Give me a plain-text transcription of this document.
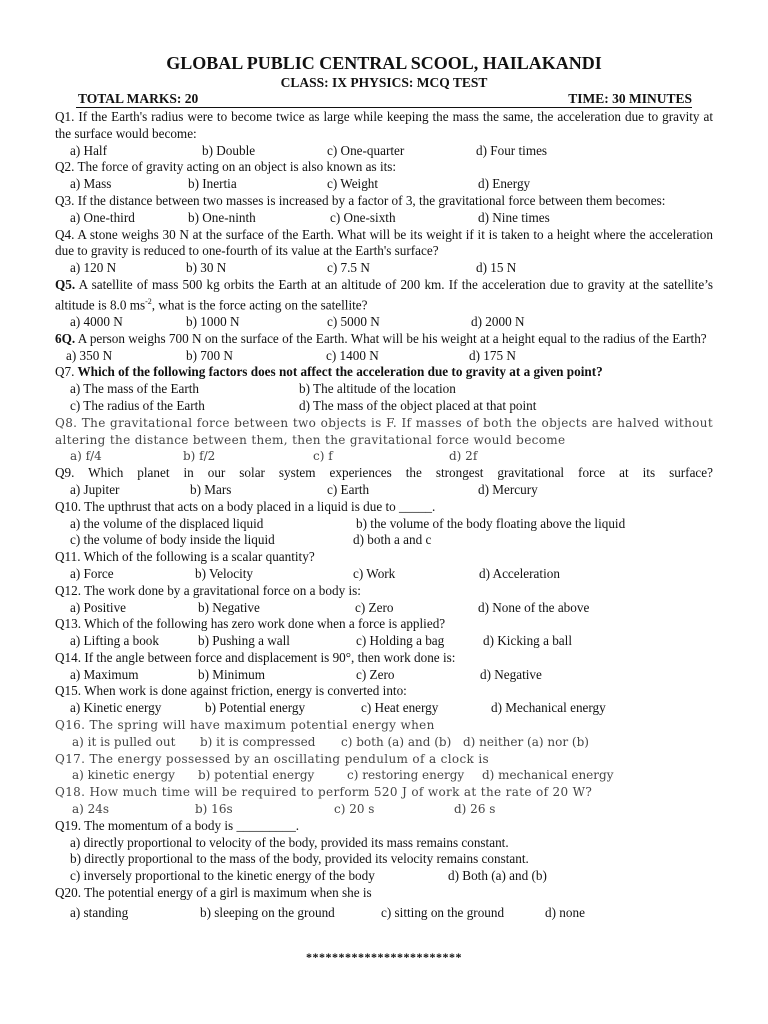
GLOBAL PUBLIC CENTRAL SCOOL, HAILAKANDI
CLASS: IX PHYSICS: MCQ TEST
TOTAL MARKS: 20	TIME: 30 MINUTES
Q1. If the Earth's radius were to become twice as large while keeping the mass the same, the acceleration due to gravity at the surface would become:
a) Half	b) Double	c) One-quarter	d) Four times
Q2. The force of gravity acting on an object is also known as its:
a) Mass	b) Inertia	c) Weight	d) Energy
Q3. If the distance between two masses is increased by a factor of 3, the gravitational force between them becomes:
a) One-third	b) One-ninth	c) One-sixth	d) Nine times
Q4. A stone weighs 30 N at the surface of the Earth. What will be its weight if it is taken to a height where the acceleration due to gravity is reduced to one-fourth of its value at the Earth's surface?
a) 120 N	b) 30 N	c) 7.5 N	d) 15 N
Q5. A satellite of mass 500 kg orbits the Earth at an altitude of 200 km. If the acceleration due to gravity at the satellite’s altitude is 8.0 $ms^{-2}$, what is the force acting on the satellite?
a) 4000 N	b) 1000 N	c) 5000 N	d) 2000 N
6Q. A person weighs 700 N on the surface of the Earth. What will be his weight at a height equal to the radius of the Earth?
a) 350 N	b) 700 N	c) 1400 N	d) 175 N
Q7. Which of the following factors does not affect the acceleration due to gravity at a given point?
a) The mass of the Earth	b) The altitude of the location
c) The radius of the Earth	d) The mass of the object placed at that point
Q8. The gravitational force between two objects is F. If masses of both the objects are halved without altering the distance between them, then the gravitational force would become
a) f/4	b) f/2	c) f	d) 2f
Q9. Which planet in our solar system experiences the strongest gravitational force at its surface?
a) Jupiter	b) Mars	c) Earth	d) Mercury
Q10. The upthrust that acts on a body placed in a liquid is due to _____.
a) the volume of the displaced liquid	b) the volume of the body floating above the liquid
c) the volume of body inside the liquid	d) both a and c
Q11. Which of the following is a scalar quantity?
a) Force	b) Velocity	c) Work	d) Acceleration
Q12. The work done by a gravitational force on a body is:
a) Positive	b) Negative	c) Zero	d) None of the above
Q13. Which of the following has zero work done when a force is applied?
a) Lifting a book	b) Pushing a wall	c) Holding a bag	d) Kicking a ball
Q14. If the angle between force and displacement is 90°, then work done is:
a) Maximum	b) Minimum	c) Zero	d) Negative
Q15. When work is done against friction, energy is converted into:
a) Kinetic energy	b) Potential energy	c) Heat energy	d) Mechanical energy
Q16. The spring will have maximum potential energy when
a) it is pulled out b) it is compressed c) both (a) and (b) d) neither (a) nor (b)
Q17. The energy possessed by an oscillating pendulum of a clock is
a) kinetic energy b) potential energy	c) restoring energy d) mechanical energy
Q18. How much time will be required to perform 520 J of work at the rate of 20 W?
a) 24s	b) 16s	c) 20 s	d) 26 s
Q19. The momentum of a body is _________.
a) directly proportional to velocity of the body, provided its mass remains constant.
b) directly proportional to the mass of the body, provided its velocity remains constant.
c) inversely proportional to the kinetic energy of the body	d) Both (a) and (b)
Q20. The potential energy of a girl is maximum when she is
a) standing	b) sleeping on the ground	c) sitting on the ground	d) none
************************
